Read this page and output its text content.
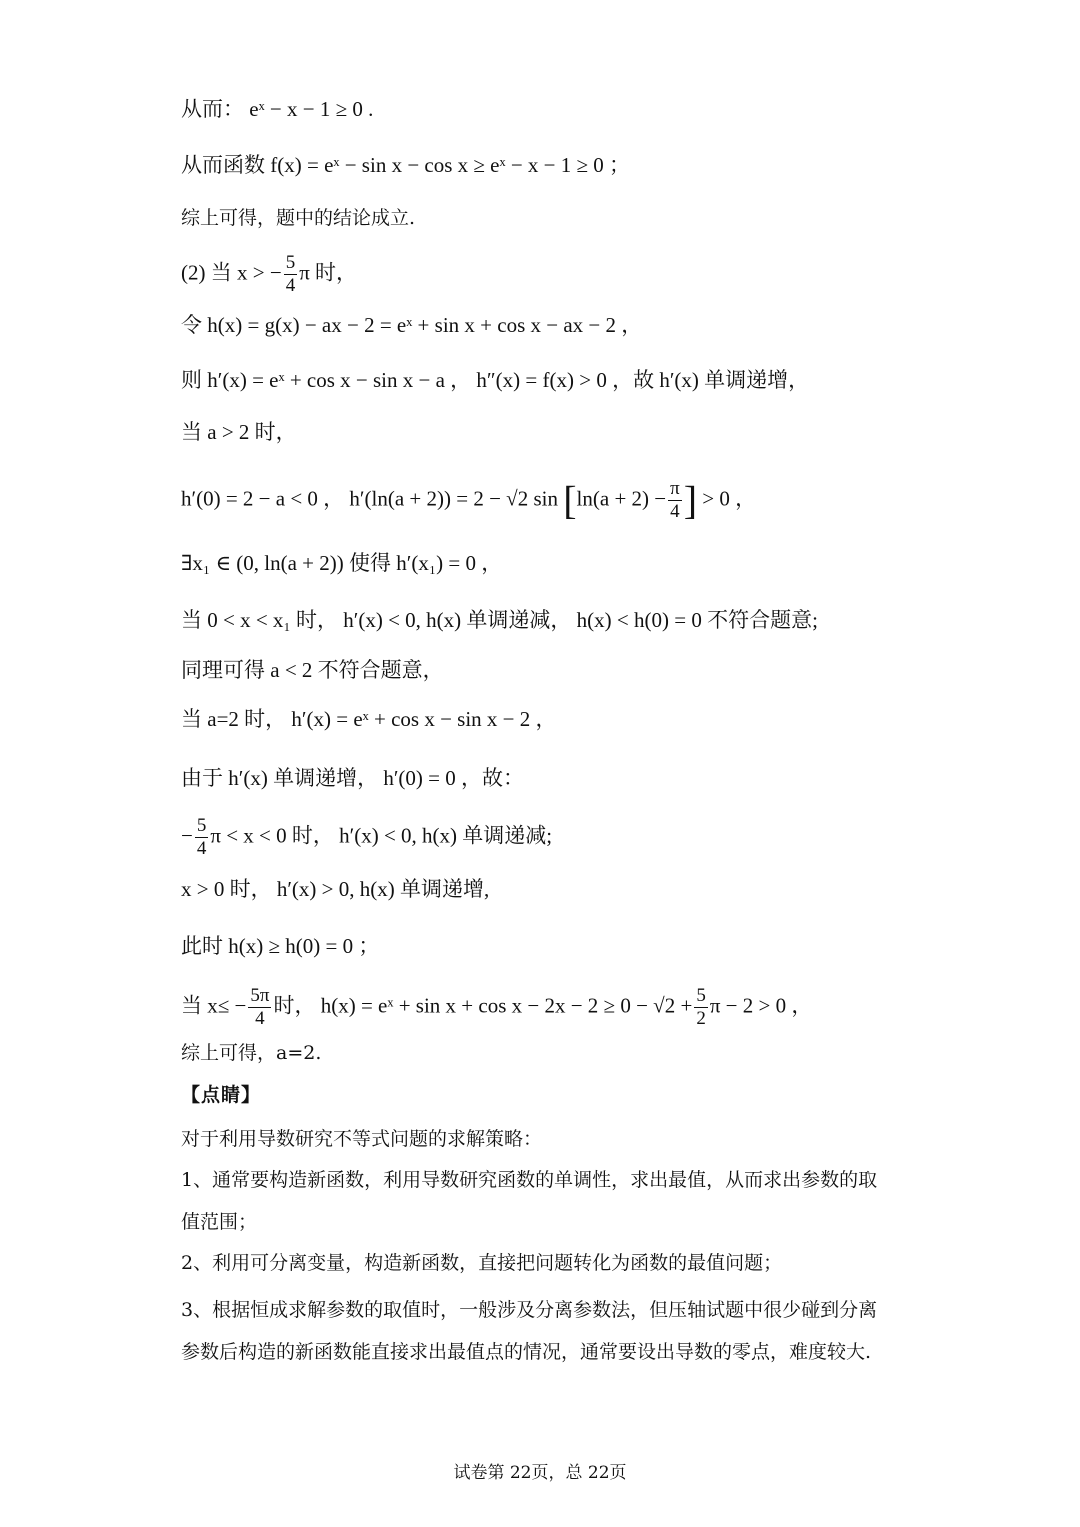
从而： eˣ − x − 1 ≥ 0 .
从而函数 f(x) = eˣ − sin x − cos x ≥ eˣ − x − 1 ≥ 0 ；
综上可得，题中的结论成立.
(2) 当 x > − $\frac{5}{4}$ π 时，
令 h(x) = g(x) − ax − 2 = eˣ + sin x + cos x − ax − 2 ，
则 h′(x) = eˣ + cos x − sin x − a ， h″(x) = f(x) > 0 ，故 h′(x) 单调递增，
当 a > 2 时，
h′(0) = 2 − a < 0 ， h′(ln(a + 2)) = 2 − √2 $\sin [\ln(a + 2) - \frac{\pi}{4}$ ] > 0 ，
∃x₁ ∈ (0, ln(a + 2)) 使得 h′(x₁) = 0 ，
当 0 < x < x₁ 时， h′(x) < 0, h(x) 单调递减， h(x) < h(0) = 0 不符合题意;
同理可得 a < 2 不符合题意，
当 a=2 时， h′(x) = eˣ + cos x − sin x − 2 ，
由于 h′(x) 单调递增， h′(0) = 0 ，故：
− $\frac{5}{4}$ π < x < 0 时， h′(x) < 0, h(x) 单调递减;
x > 0 时， h′(x) > 0, h(x) 单调递增,
此时 h(x) ≥ h(0) = 0 ；
当 $x\le - \frac{5\pi}{4}$ 时， h(x) = eˣ + $\sin x + \cos x - 2x - 2 \ge 0 - √2 + \frac{5}{2}$ π − 2 > 0 ，
综上可得，a=2.
【点睛】
对于利用导数研究不等式问题的求解策略：
1、通常要构造新函数，利用导数研究函数的单调性，求出最值，从而求出参数的取值范围；
2、利用可分离变量，构造新函数，直接把问题转化为函数的最值问题；
3、根据恒成求解参数的取值时，一般涉及分离参数法，但压轴试题中很少碰到分离参数后构造的新函数能直接求出最值点的情况，通常要设出导数的零点，难度较大.
试卷第 22页，总 22页
